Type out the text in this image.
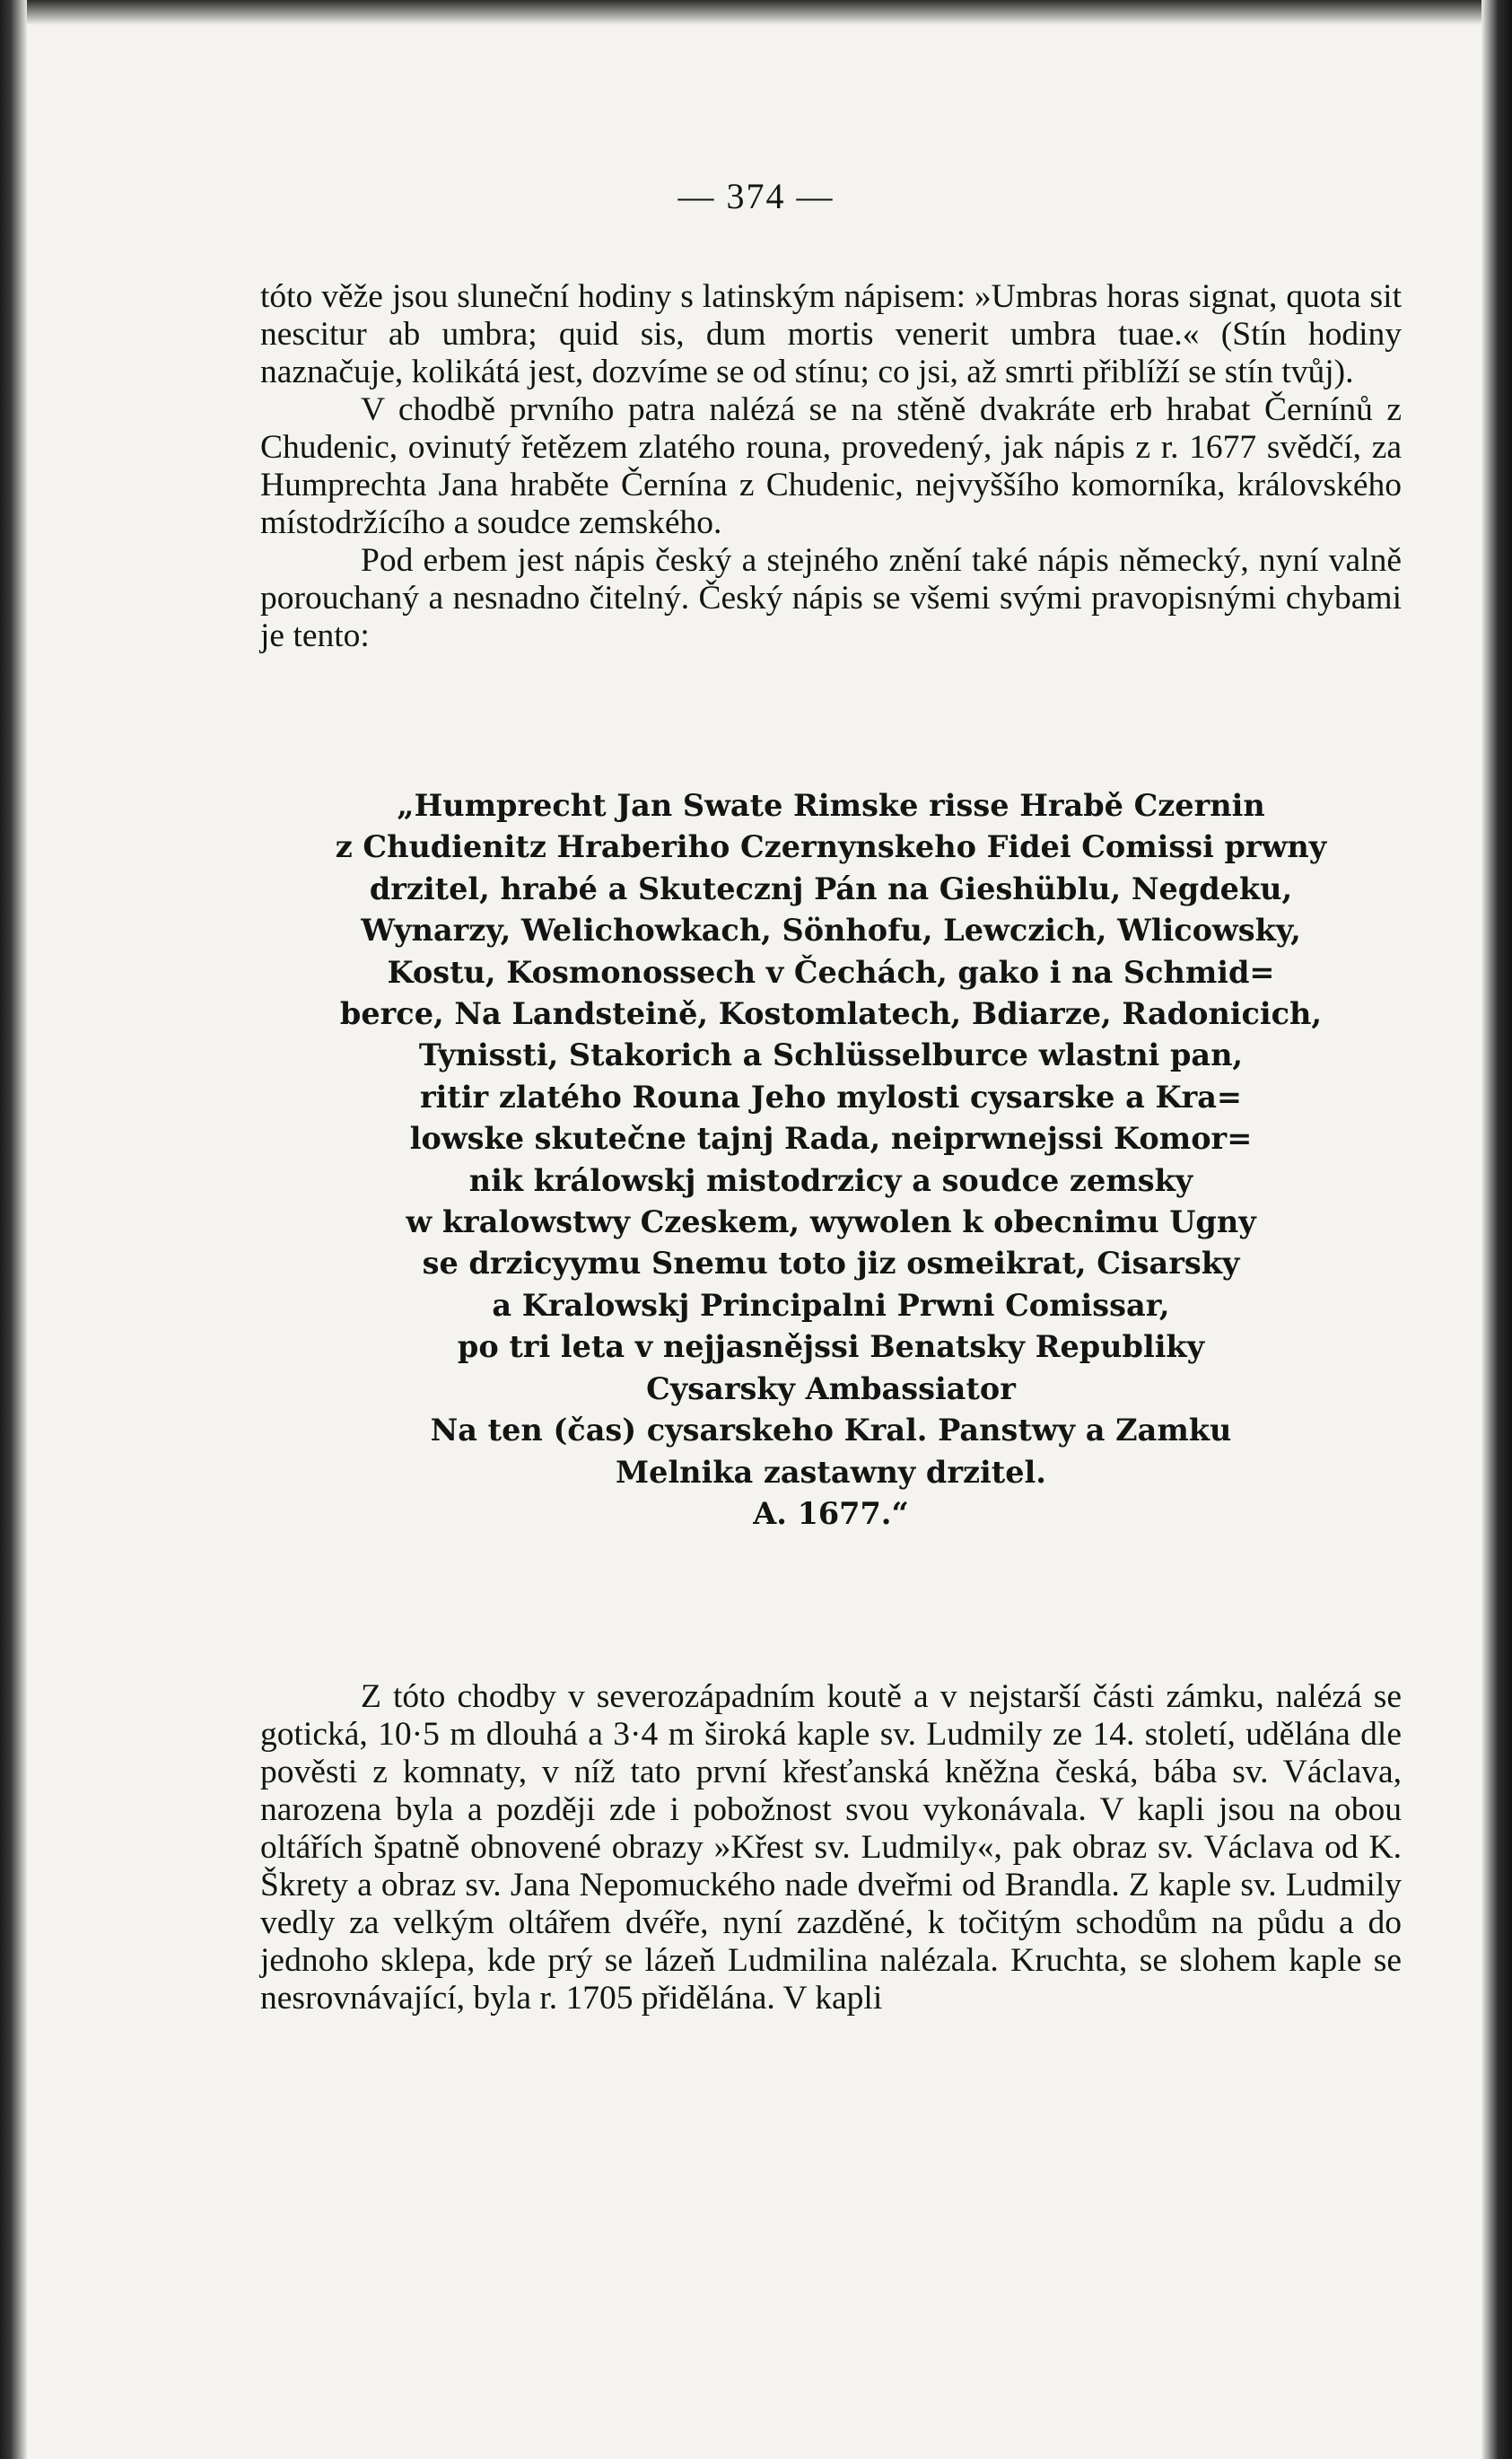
— 374 —

tóto věže jsou sluneční hodiny s latinským nápisem: »Umbras horas signat, quota sit nescitur ab umbra; quid sis, dum mortis venerit umbra tuae.« (Stín hodiny naznačuje, kolikátá jest, dozvíme se od stínu; co jsi, až smrti přiblíží se stín tvůj).

V chodbě prvního patra nalézá se na stěně dvakráte erb hrabat Černínů z Chudenic, ovinutý řetězem zlatého rouna, provedený, jak nápis z r. 1677 svědčí, za Humprechta Jana hraběte Černína z Chudenic, nejvyššího komorníka, královského místodržícího a soudce zemského.

Pod erbem jest nápis český a stejného znění také nápis německý, nyní valně porouchaný a nesnadno čitelný. Český nápis se všemi svými pravopisnými chybami je tento:

„Humprecht Jan Swate Rimske risse Hrabě Czernin
z Chudienitz Hraberiho Czernynskeho Fidei Comissi prwny
drzitel, hrabé a Skutecznj Pán na Gieshüblu, Negdeku,
Wynarzy, Welichowkach, Sönhofu, Lewczich, Wlicowsky,
Kostu, Kosmonossech v Čechách, gako i na Schmid=
berce, Na Landsteině, Kostomlatech, Bdiarze, Radonicich,
Tynissti, Stakorich a Schlüsselburce wlastni pan,
ritir zlatého Rouna Jeho mylosti cysarske a Kra=
lowske skutečne tajnj Rada, neiprwnejssi Komor=
nik králowskj mistodrzicy a soudce zemsky
w kralowstwy Czeskem, wywolen k obecnimu Ugny
se drzicyymu Snemu toto jiz osmeikrat, Cisarsky
a Kralowskj Principalni Prwni Comissar,
po tri leta v nejjasnějssi Benatsky Republiky
Cysarsky Ambassiator
Na ten (čas) cysarskeho Kral. Panstwy a Zamku
Melnika zastawny drzitel.
A. 1677.“

Z tóto chodby v severozápadním koutě a v nejstarší části zámku, nalézá se gotická, 10·5 m dlouhá a 3·4 m široká kaple sv. Ludmily ze 14. století, udělána dle pověsti z komnaty, v níž tato první křesťanská kněžna česká, bába sv. Václava, narozena byla a později zde i pobožnost svou vykonávala. V kapli jsou na obou oltářích špatně obnovené obrazy »Křest sv. Ludmily«, pak obraz sv. Václava od K. Škrety a obraz sv. Jana Nepomuckého nade dveřmi od Brandla. Z kaple sv. Ludmily vedly za velkým oltářem dvéře, nyní zazděné, k točitým schodům na půdu a do jednoho sklepa, kde prý se lázeň Ludmilina nalézala. Kruchta, se slohem kaple se nesrovnávající, byla r. 1705 přidělána. V kapli
